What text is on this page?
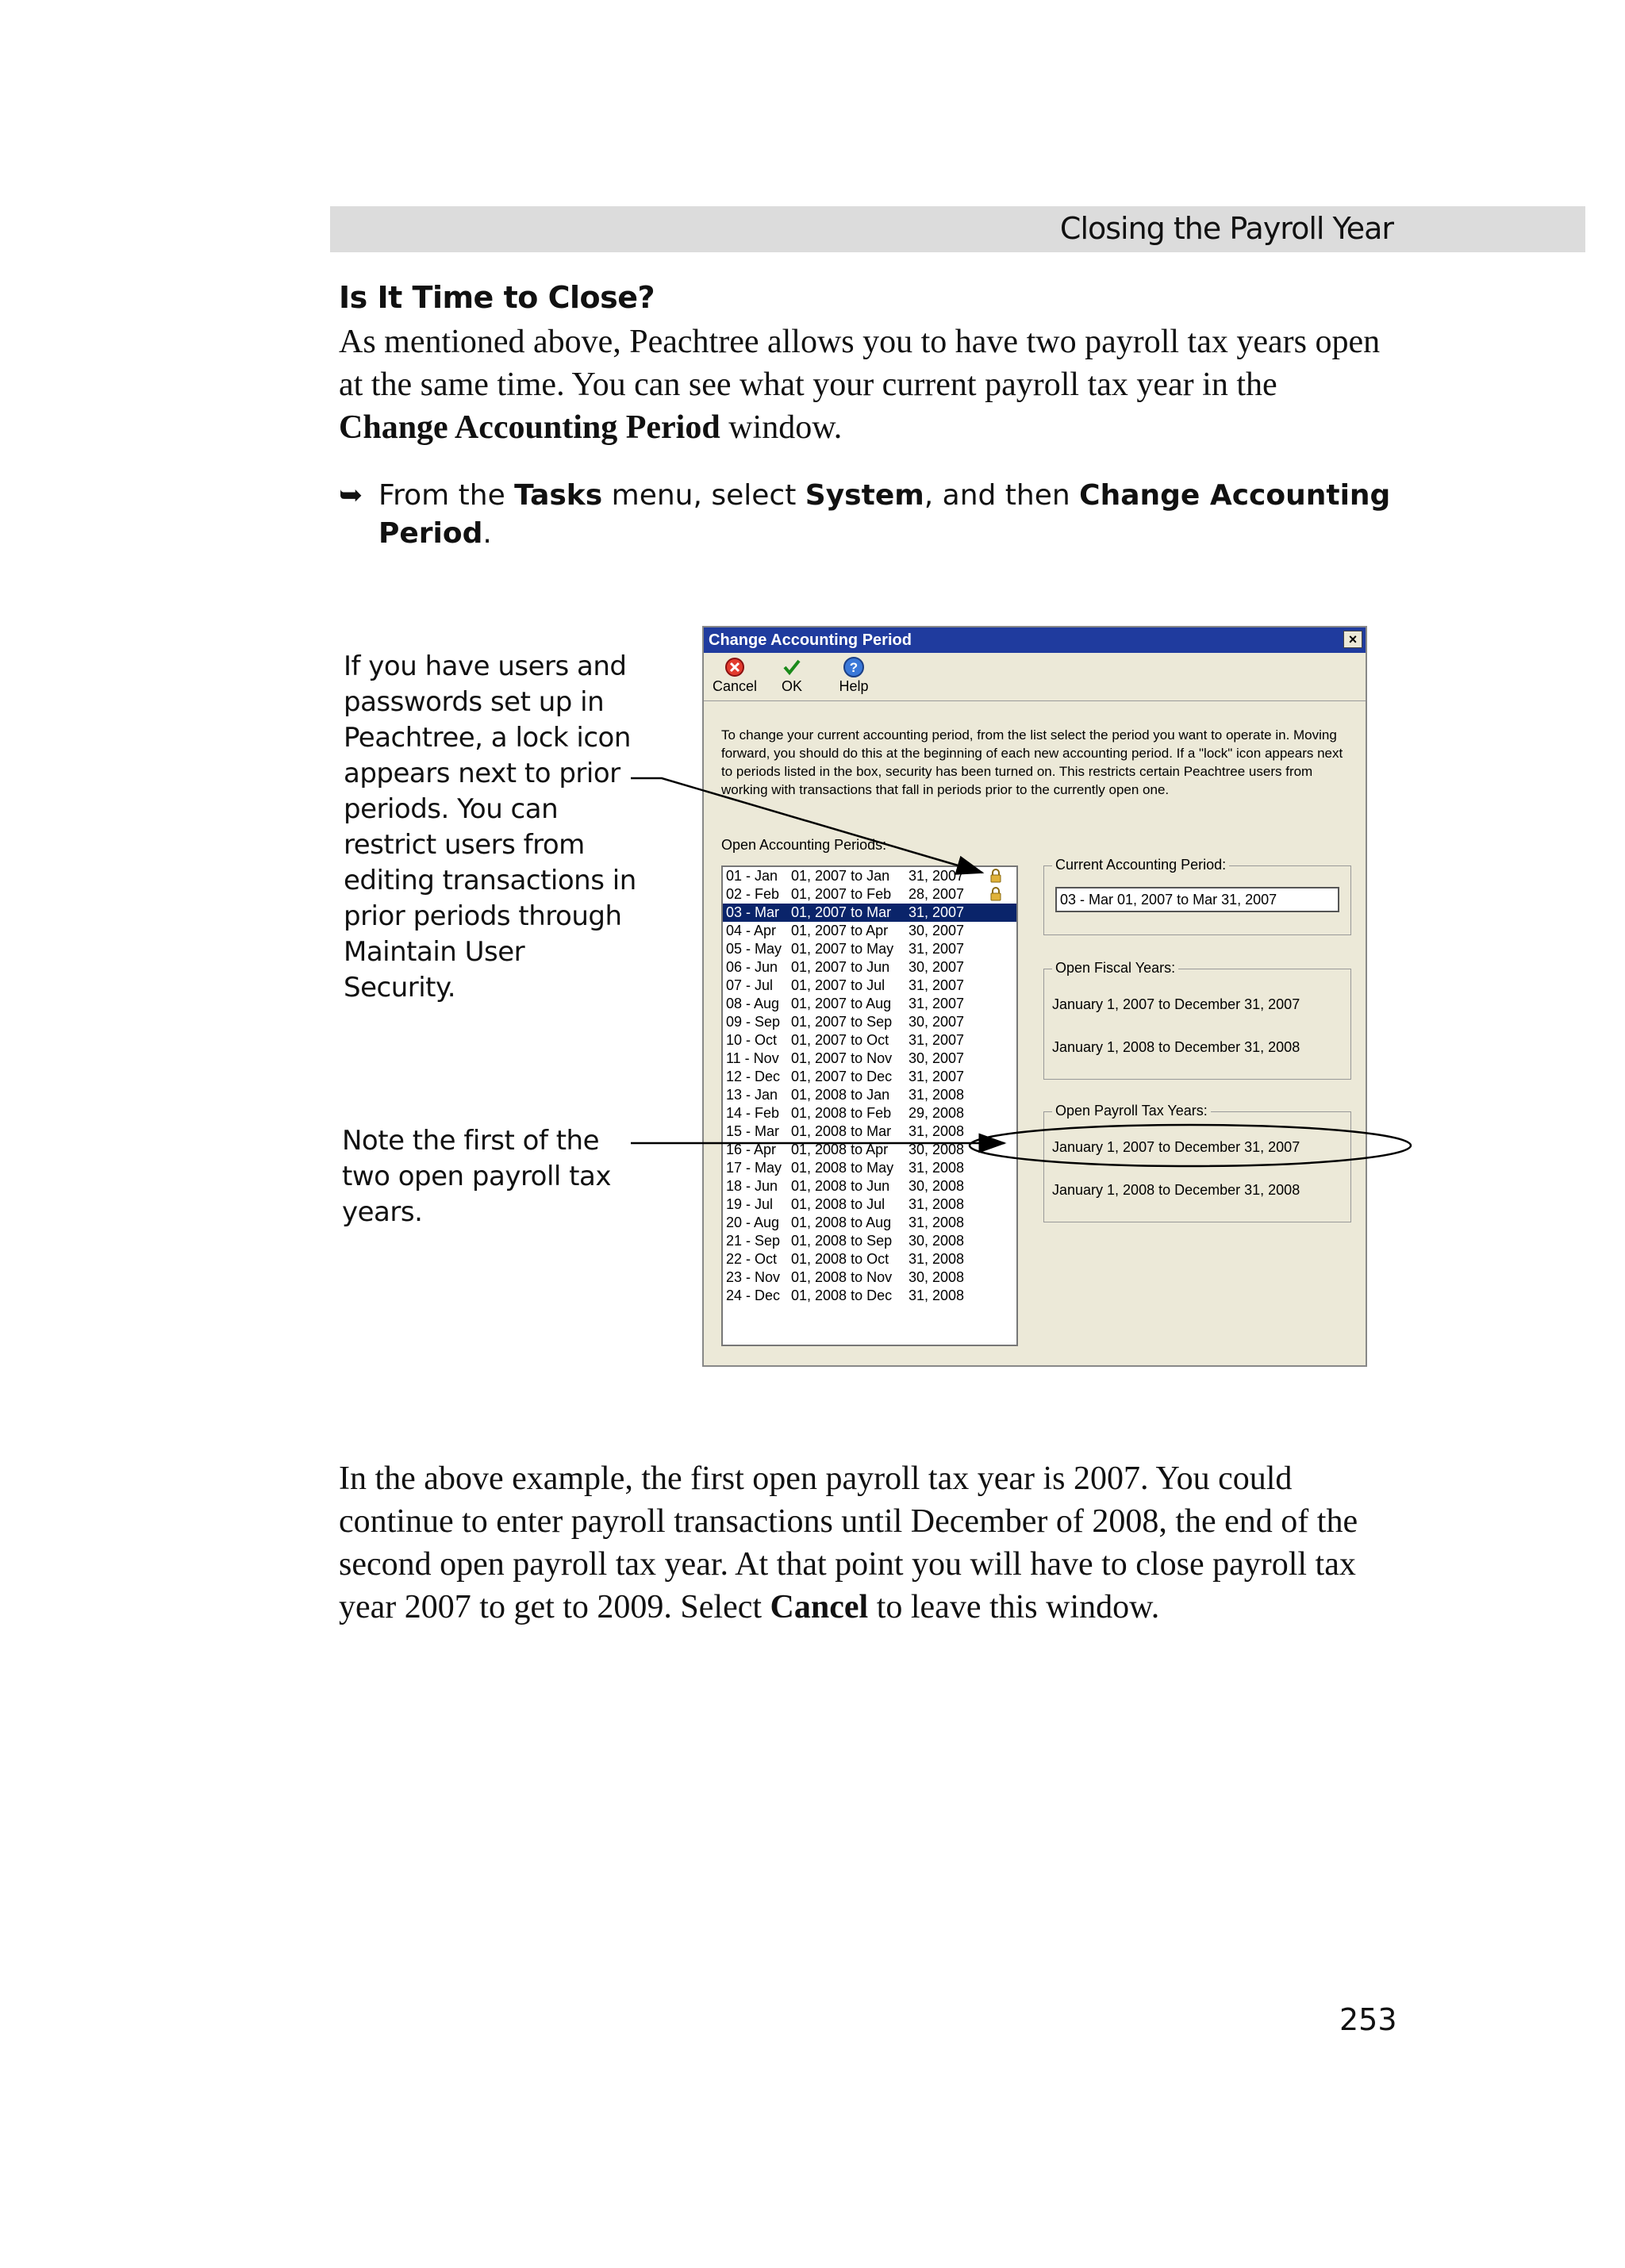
Closing the Payroll Year
Is It Time to Close?

As mentioned above, Peachtree allows you to have two payroll tax years open at the same time. You can see what your current payroll tax year in the Change Accounting Period window.

➥ From the Tasks menu, select System, and then Change Accounting
Period.
If you have users and passwords set up in Peachtree, a lock icon appears next to prior periods. You can restrict users from editing transactions in prior periods through Maintain User Security.
Note the first of the two open payroll tax years.
Change Accounting Period	×
Cancel	OK
?
Help
To change your current accounting period, from the list select the period you want to operate in. Moving forward, you should do this at the beginning of each new accounting period. If a "lock" icon appears next to periods listed in the box, security has been turned on. This restricts certain Peachtree users from working with transactions that fall in periods prior to the currently open one.
Open Accounting Periods:
01 - Jan 01, 2007 to Jan 31, 2007
02 - Feb 01, 2007 to Feb 28, 2007
03 - Mar 01, 2007 to Mar 31, 2007
04 - Apr 01, 2007 to Apr 30, 2007
05 - May 01, 2007 to May 31, 2007
06 - Jun 01, 2007 to Jun 30, 2007
07 - Jul 01, 2007 to Jul 31, 2007
08 - Aug 01, 2007 to Aug 31, 2007
09 - Sep 01, 2007 to Sep 30, 2007
10 - Oct 01, 2007 to Oct 31, 2007
11 - Nov 01, 2007 to Nov 30, 2007
12 - Dec 01, 2007 to Dec 31, 2007
13 - Jan 01, 2008 to Jan 31, 2008
14 - Feb 01, 2008 to Feb 29, 2008
15 - Mar 01, 2008 to Mar 31, 2008
16 - Apr 01, 2008 to Apr 30, 2008
17 - May 01, 2008 to May 31, 2008
18 - Jun 01, 2008 to Jun 30, 2008
19 - Jul 01, 2008 to Jul 31, 2008
20 - Aug 01, 2008 to Aug 31, 2008
21 - Sep 01, 2008 to Sep 30, 2008
22 - Oct 01, 2008 to Oct 31, 2008
23 - Nov 01, 2008 to Nov 30, 2008
24 - Dec 01, 2008 to Dec 31, 2008
Current Accounting Period:
03 - Mar 01, 2007 to Mar 31, 2007
Open Fiscal Years:
January 1, 2007 to December 31, 2007
January 1, 2008 to December 31, 2008
Open Payroll Tax Years:
January 1, 2007 to December 31, 2007
January 1, 2008 to December 31, 2008

In the above example, the first open payroll tax year is 2007. You could continue to enter payroll transactions until December of 2008, the end of the second open payroll tax year. At that point you will have to close payroll tax year 2007 to get to 2009. Select Cancel to leave this window.

253
